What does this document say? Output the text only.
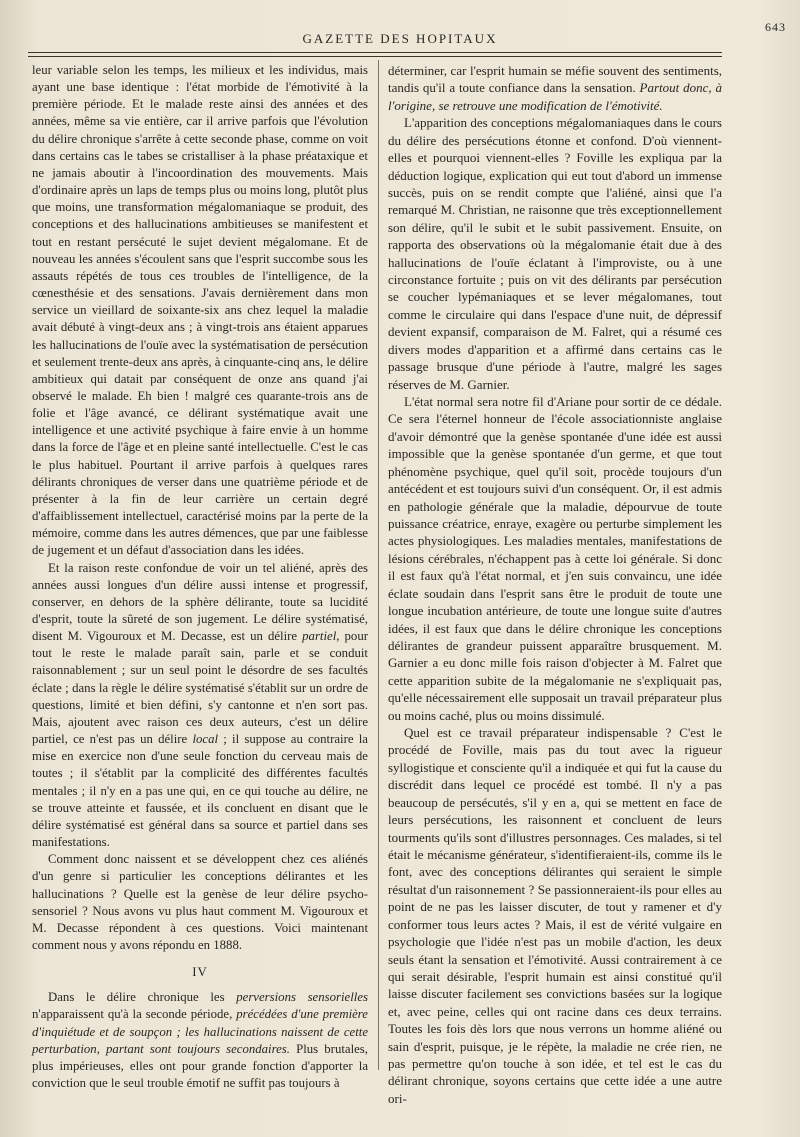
643
GAZETTE DES HOPITAUX

leur variable selon les temps, les milieux et les individus, mais ayant une base identique : l'état morbide de l'émotivité à la première période. Et le malade reste ainsi des années et des années, même sa vie entière, car il arrive parfois que l'évolution du délire chronique s'arrête à cette seconde phase, comme on voit dans certains cas le tabes se cristalliser à la phase préataxique et ne jamais aboutir à l'incoordination des mouvements. Mais d'ordinaire après un laps de temps plus ou moins long, plutôt plus que moins, une transformation mégalomaniaque se produit, des conceptions et des hallucinations ambitieuses se manifestent et tout en restant persécuté le sujet devient mégalomane. Et de nouveau les années s'écoulent sans que l'esprit succombe sous les assauts répétés de tous ces troubles de l'intelligence, de la cœnesthésie et des sensations. J'avais dernièrement dans mon service un vieillard de soixante-six ans chez lequel la maladie avait débuté à vingt-deux ans ; à vingt-trois ans étaient apparues les hallucinations de l'ouïe avec la systématisation de persécution et seulement trente-deux ans après, à cinquante-cinq ans, le délire ambitieux qui datait par conséquent de onze ans quand j'ai observé le malade. Eh bien ! malgré ces quarante-trois ans de folie et l'âge avancé, ce délirant systématique avait une intelligence et une activité psychique à faire envie à un homme dans la force de l'âge et en pleine santé intellectuelle. C'est le cas le plus habituel. Pourtant il arrive parfois à quelques rares délirants chroniques de verser dans une quatrième période et de présenter à la fin de leur carrière un certain degré d'affaiblissement intellectuel, caractérisé moins par la perte de la mémoire, comme dans les autres démences, que par une faiblesse de jugement et un défaut d'association dans les idées.

Et la raison reste confondue de voir un tel aliéné, après des années aussi longues d'un délire aussi intense et progressif, conserver, en dehors de la sphère délirante, toute sa lucidité d'esprit, toute la sûreté de son jugement. Le délire systématisé, disent M. Vigouroux et M. Decasse, est un délire partiel, pour tout le reste le malade paraît sain, parle et se conduit raisonnablement ; sur un seul point le désordre de ses facultés éclate ; dans la règle le délire systématisé s'établit sur un ordre de questions, limité et bien défini, s'y cantonne et n'en sort pas. Mais, ajoutent avec raison ces deux auteurs, c'est un délire partiel, ce n'est pas un délire local ; il suppose au contraire la mise en exercice non d'une seule fonction du cerveau mais de toutes ; il s'établit par la complicité des différentes facultés mentales ; il n'y en a pas une qui, en ce qui touche au délire, ne se trouve atteinte et faussée, et ils concluent en disant que le délire systématisé est général dans sa source et partiel dans ses manifestations.

Comment donc naissent et se développent chez ces aliénés d'un genre si particulier les conceptions délirantes et les hallucinations ? Quelle est la genèse de leur délire psycho-sensoriel ? Nous avons vu plus haut comment M. Vigouroux et M. Decasse répondent à ces questions. Voici maintenant comment nous y avons répondu en 1888.

IV

Dans le délire chronique les perversions sensorielles n'apparaissent qu'à la seconde période, précédées d'une première d'inquiétude et de soupçon ; les hallucinations naissent de cette perturbation, partant sont toujours secondaires. Plus brutales, plus impérieuses, elles ont pour grande fonction d'apporter la conviction que le seul trouble émotif ne suffit pas toujours à

déterminer, car l'esprit humain se méfie souvent des sentiments, tandis qu'il a toute confiance dans la sensation. Partout donc, à l'origine, se retrouve une modification de l'émotivité.

L'apparition des conceptions mégalomaniaques dans le cours du délire des persécutions étonne et confond. D'où viennent-elles et pourquoi viennent-elles ? Foville les expliqua par la déduction logique, explication qui eut tout d'abord un immense succès, puis on se rendit compte que l'aliéné, ainsi que l'a remarqué M. Christian, ne raisonne que très exceptionnellement son délire, qu'il le subit et le subit passivement. Ensuite, on rapporta des observations où la mégalomanie était due à des hallucinations de l'ouïe éclatant à l'improviste, ou à une circonstance fortuite ; puis on vit des délirants par persécution se coucher lypémaniaques et se lever mégalomanes, tout comme le circulaire qui dans l'espace d'une nuit, de dépressif devient expansif, comparaison de M. Falret, qui a résumé ces divers modes d'apparition et a affirmé dans certains cas le passage brusque d'une période à l'autre, malgré les sages réserves de M. Garnier.

L'état normal sera notre fil d'Ariane pour sortir de ce dédale. Ce sera l'éternel honneur de l'école associationniste anglaise d'avoir démontré que la genèse spontanée d'une idée est aussi impossible que la genèse spontanée d'un germe, et que tout phénomène psychique, quel qu'il soit, procède toujours d'un antécédent et est toujours suivi d'un conséquent. Or, il est admis en pathologie générale que la maladie, dépourvue de toute puissance créatrice, enraye, exagère ou perturbe simplement les actes physiologiques. Les maladies mentales, manifestations de lésions cérébrales, n'échappent pas à cette loi générale. Si donc il est faux qu'à l'état normal, et j'en suis convaincu, une idée éclate soudain dans l'esprit sans être le produit de toute une longue incubation antérieure, de toute une longue suite d'autres idées, il est faux que dans le délire chronique les conceptions délirantes de grandeur puissent apparaître brusquement. M. Garnier a eu donc mille fois raison d'objecter à M. Falret que cette apparition subite de la mégalomanie ne s'expliquait pas, qu'elle nécessairement elle supposait un travail préparateur plus ou moins caché, plus ou moins dissimulé.

Quel est ce travail préparateur indispensable ? C'est le procédé de Foville, mais pas du tout avec la rigueur syllogistique et consciente qu'il a indiquée et qui fut la cause du discrédit dans lequel ce procédé est tombé. Il n'y a pas beaucoup de persécutés, s'il y en a, qui se mettent en face de leurs persécutions, les raisonnent et concluent de leurs tourments qu'ils sont d'illustres personnages. Ces malades, si tel était le mécanisme générateur, s'identifieraient-ils, comme ils le font, avec des conceptions délirantes qui seraient le simple résultat d'un raisonnement ? Se passionneraient-ils pour elles au point de ne pas les laisser discuter, de tout y ramener et d'y conformer tous leurs actes ? Mais, il est de vérité vulgaire en psychologie que l'idée n'est pas un mobile d'action, les deux seuls étant la sensation et l'émotivité. Aussi contrairement à ce qui serait désirable, l'esprit humain est ainsi constitué qu'il laisse discuter facilement ses convictions basées sur la logique et, avec peine, celles qui ont racine dans ces deux terrains. Toutes les fois dès lors que nous verrons un homme aliéné ou sain d'esprit, puisque, je le répète, la maladie ne crée rien, ne pas permettre qu'on touche à son idée, et tel est le cas du délirant chronique, soyons certains que cette idée a une autre ori-
